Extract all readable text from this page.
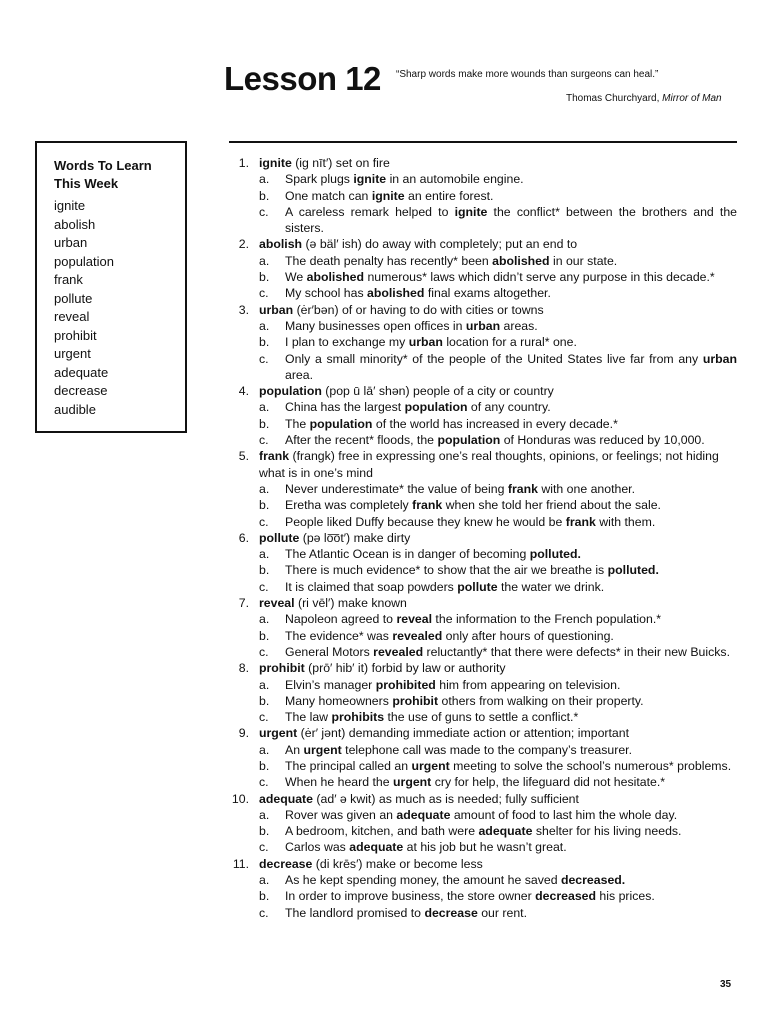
Lesson 12 “Sharp words make more wounds than surgeons can heal.”
Thomas Churchyard, Mirror of Man
Words To Learn
This Week
ignite
abolish
urban
population
frank
pollute
reveal
prohibit
urgent
adequate
decrease
audible
1. ignite (ig nīt′) set on fire
a. Spark plugs ignite in an automobile engine.
b. One match can ignite an entire forest.
c. A careless remark helped to ignite the conflict* between the brothers and the sisters.
2. abolish (ə bäl′ ish) do away with completely; put an end to
a. The death penalty has recently* been abolished in our state.
b. We abolished numerous* laws which didn’t serve any purpose in this decade.*
c. My school has abolished final exams altogether.
3. urban (ėr′bən) of or having to do with cities or towns
a. Many businesses open offices in urban areas.
b. I plan to exchange my urban location for a rural* one.
c. Only a small minority* of the people of the United States live far from any urban area.
4. population (pop ū lā′ shən) people of a city or country
a. China has the largest population of any country.
b. The population of the world has increased in every decade.*
c. After the recent* floods, the population of Honduras was reduced by 10,000.
5. frank (frangk) free in expressing one’s real thoughts, opinions, or feelings; not hiding what is in one’s mind
a. Never underestimate* the value of being frank with one another.
b. Eretha was completely frank when she told her friend about the sale.
c. People liked Duffy because they knew he would be frank with them.
6. pollute (pə lo͞ot′) make dirty
a. The Atlantic Ocean is in danger of becoming polluted.
b. There is much evidence* to show that the air we breathe is polluted.
c. It is claimed that soap powders pollute the water we drink.
7. reveal (ri vēl′) make known
a. Napoleon agreed to reveal the information to the French population.*
b. The evidence* was revealed only after hours of questioning.
c. General Motors revealed reluctantly* that there were defects* in their new Buicks.
8. prohibit (prō′ hib′ it) forbid by law or authority
a. Elvin’s manager prohibited him from appearing on television.
b. Many homeowners prohibit others from walking on their property.
c. The law prohibits the use of guns to settle a conflict.*
9. urgent (ėr′ jənt) demanding immediate action or attention; important
a. An urgent telephone call was made to the company’s treasurer.
b. The principal called an urgent meeting to solve the school’s numerous* problems.
c. When he heard the urgent cry for help, the lifeguard did not hesitate.*
10. adequate (ad′ ə kwit) as much as is needed; fully sufficient
a. Rover was given an adequate amount of food to last him the whole day.
b. A bedroom, kitchen, and bath were adequate shelter for his living needs.
c. Carlos was adequate at his job but he wasn’t great.
11. decrease (di krēs′) make or become less
a. As he kept spending money, the amount he saved decreased.
b. In order to improve business, the store owner decreased his prices.
c. The landlord promised to decrease our rent.
35
